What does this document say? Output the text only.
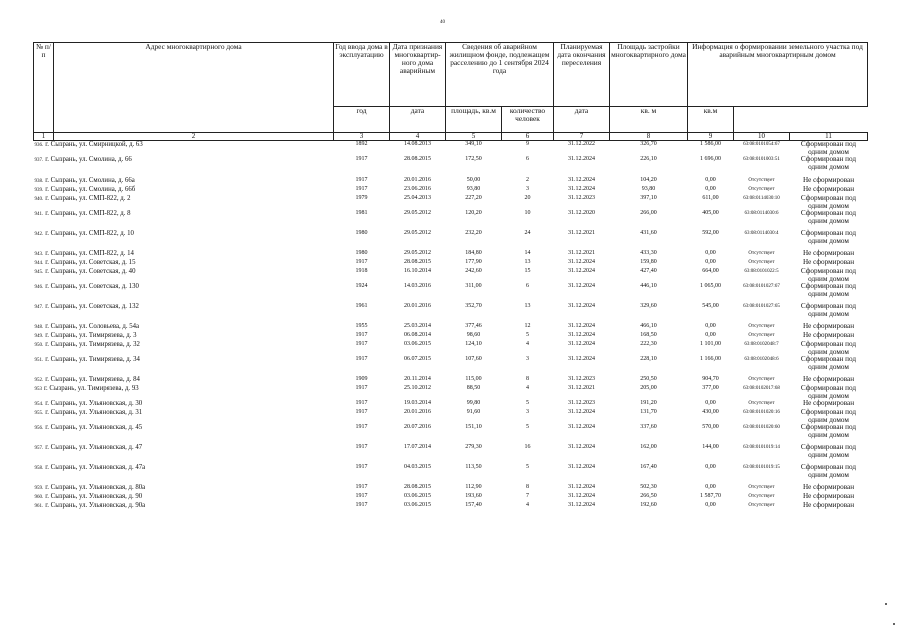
40
№ п/п	Адрес многоквартирного дома	Год ввода дома в эксплуатацию	Дата признания многоквартир-ного дома аварийным	Сведения об аварийном жилищном фонде, подлежащем расселению до 1 сентября 2024 года		Планируемая дата окончания переселения	Площадь застройки многоквартирного дома	Информация о формировании земельного участка под аварийным многоквартирным домом		
		год	дата	площадь, кв.м	количество человек	дата	кв. м	кв.м		
1	2	3	4	5	6	7	8	9	10	11
936. г. Сызрань, ул. Смирницкой, д. 63		1892	14.08.2013	349,10	9	31.12.2022	326,70	1 586,00	63:08:0101054:67	Сформирован под одним домом
937. г. Сызрань, ул. Смолина, д. 66		1917	28.08.2015	172,50	6	31.12.2024	226,10	1 696,00	63:08:0101003:51	Сформирован под одним домом
938. г. Сызрань, ул. Смолина, д. 66а		1917	20.01.2016	50,00	2	31.12.2024	104,20	0,00	Отсутствует	Не сформирован
939. г. Сызрань, ул. Смолина, д. 66б		1917	23.06.2016	93,80	3	31.12.2024	93,80	0,00	Отсутствует	Не сформирован
940. г. Сызрань, ул. СМП-822, д. 2		1979	25.04.2013	227,20	20	31.12.2023	397,10	611,00	63:08:0114030:10	Сформирован под одним домом
941. г. Сызрань, ул. СМП-822, д. 8		1981	29.05.2012	120,20	10	31.12.2020	266,00	405,00	63:08:0114030:6	Сформирован под одним домом
942. г. Сызрань, ул. СМП-822, д. 10		1980	29.05.2012	232,20	24	31.12.2021	431,60	592,00	63:08:0114030:4	Сформирован под одним домом
943. г. Сызрань, ул. СМП-822, д. 14		1980	29.05.2012	184,80	14	31.12.2021	433,30	0,00	Отсутствует	Не сформирован
944. г. Сызрань, ул. Советская, д. 15		1917	28.08.2015	177,90	13	31.12.2024	159,80	0,00	Отсутствует	Не сформирован
945. г. Сызрань, ул. Советская, д. 40		1918	16.10.2014	242,60	15	31.12.2024	427,40	664,00	63:08:0101022:5	Сформирован под одним домом
946. г. Сызрань, ул. Советская, д. 130		1924	14.03.2016	311,00	6	31.12.2024	446,10	1 065,00	63:08:0101027:67	Сформирован под одним домом
947. г. Сызрань, ул. Советская, д. 132		1961	20.01.2016	352,70	13	31.12.2024	329,60	545,00	63:08:0101027:65	Сформирован под одним домом
948. г. Сызрань, ул. Соловьева, д. 54а		1955	25.03.2014	377,46	12	31.12.2024	466,10	0,00	Отсутствует	Не сформирован
949. г. Сызрань, ул. Тимирязева, д. 3		1917	06.08.2014	98,60	5	31.12.2024	168,50	0,00	Отсутствует	Не сформирован
950. г. Сызрань, ул. Тимирязева, д. 32		1917	03.06.2015	124,10	4	31.12.2024	222,30	1 101,00	63:08:0102048:7	Сформирован под одним домом
951. г. Сызрань, ул. Тимирязева, д. 34		1917	06.07.2015	107,60	3	31.12.2024	228,10	1 166,00	63:08:0102048:6	Сформирован под одним домом
952. г. Сызрань, ул. Тимирязева, д. 84		1909	20.11.2014	115,00	8	31.12.2023	250,50	904,70	Отсутствует	Не сформирован
953 г. Сызрань, ул. Тимирязева, д. 93		1917	25.10.2012	88,50	4	31.12.2021	205,00	377,00	63:08:0102017:68	Сформирован под одним домом
954. г. Сызрань, ул. Ульяновская, д. 30		1917	19.03.2014	99,80	5	31.12.2023	191,20	0,00	Отсутствует	Не сформирован
955. г. Сызрань, ул. Ульяновская, д. 31		1917	20.01.2016	91,60	3	31.12.2024	131,70	430,00	63:08:0101020:16	Сформирован под одним домом
956. г. Сызрань, ул. Ульяновская, д. 45		1917	20.07.2016	151,10	5	31.12.2024	337,60	570,00	63:08:0101020:60	Сформирован под одним домом
957. г. Сызрань, ул. Ульяновская, д. 47		1917	17.07.2014	279,30	16	31.12.2024	162,00	144,00	63:08:0101019:14	Сформирован под одним домом
958. г. Сызрань, ул. Ульяновская, д. 47а		1917	04.03.2015	113,50	5	31.12.2024	167,40	0,00	63:08:0101019:15	Сформирован под одним домом
959. г. Сызрань, ул. Ульяновская, д. 80а		1917	28.08.2015	112,90	8	31.12.2024	502,30	0,00	Отсутствует	Не сформирован
960. г. Сызрань, ул. Ульяновская, д. 90		1917	03.06.2015	193,60	7	31.12.2024	266,50	1 587,70	Отсутствует	Не сформирован
961. г. Сызрань, ул. Ульяновская, д. 90а		1917	03.06.2015	157,40	4	31.12.2024	192,60	0,00	Отсутствует	Не сформирован
